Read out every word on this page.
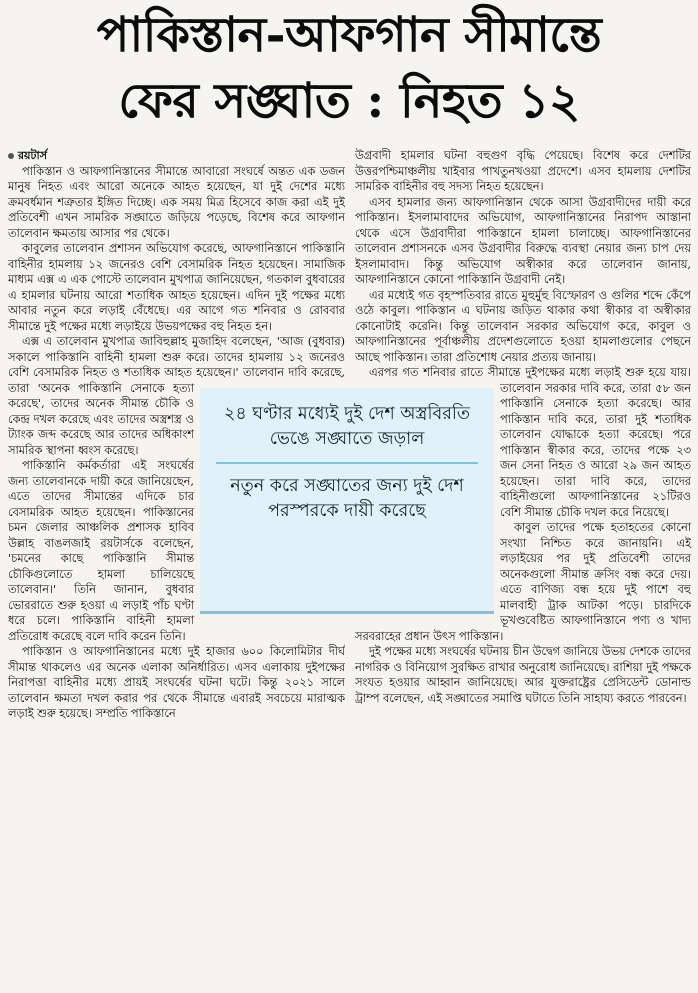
পাকিস্তান-আফগান সীমান্তে
ফের সঙ্ঘাত : নিহত ১২
রয়টার্স

পাকিস্তান ও আফগানিস্তানের সীমান্তে আবারো সংঘর্ষে অন্তত এক ডজন মানুষ নিহত এবং আরো অনেকে আহত হয়েছেন, যা দুই দেশের মধ্যে ক্রমবর্ধমান শত্রুতার ইঙ্গিত দিচ্ছে। এক সময় মিত্র হিসেবে কাজ করা এই দুই প্রতিবেশী এখন সামরিক সঙ্ঘাতে জড়িয়ে পড়েছে, বিশেষ করে আফগান তালেবান ক্ষমতায় আসার পর থেকে।

কাবুলের তালেবান প্রশাসন অভিযোগ করেছে, আফগানিস্তানে পাকিস্তানি বাহিনীর হামলায় ১২ জনেরও বেশি বেসামরিক নিহত হয়েছেন। সামাজিক মাধ্যম এক্স এ এক পোস্টে তালেবান মুখপাত্র জানিয়েছেন, গতকাল বুধবারের এ হামলার ঘটনায় আরো শতাধিক আহত হয়েছেন। এদিন দুই পক্ষের মধ্যে আবার নতুন করে লড়াই বেঁধেছে। এর আগে গত শনিবার ও রোববার সীমান্তে দুই পক্ষের মধ্যে লড়াইয়ে উভয়পক্ষের বহু নিহত হন।

এক্স এ তালেবান মুখপাত্র জাবিহুল্লাহ মুজাহিদ বলেছেন, 'আজ (বুধবার) সকালে পাকিস্তানি বাহিনী হামলা শুরু করে। তাদের হামলায় ১২ জনেরও বেশি বেসামরিক নিহত ও শতাধিক আহত হয়েছেন।' তালেবান দাবি করেছে, তারা 'অনেক পাকিস্তানি সেনাকে হত্যা করেছে', তাদের অনেক সীমান্ত চৌকি ও কেন্দ্র দখল করেছে এবং তাদের অস্ত্রশস্ত্র ও ট্যাংক জব্দ করেছে আর তাদের অধিকাংশ সামরিক স্থাপনা ধ্বংস করেছে।

পাকিস্তানি কর্মকর্তারা এই সংঘর্ষের জন্য তালেবানকে দায়ী করে জানিয়েছেন, এতে তাদের সীমান্তের এদিকে চার বেসামরিক আহত হয়েছেন। পাকিস্তানের চমন জেলার আঞ্চলিক প্রশাসক হাবিব উল্লাহ বাঙলজাই রয়টার্সকে বলেছেন, 'চমনের কাছে পাকিস্তানি সীমান্ত চৌকিগুলোতে হামলা চালিয়েছে তালেবান।' তিনি জানান, বুধবার ভোররাতে শুরু হওয়া এ লড়াই পাঁচ ঘণ্টা ধরে চলে। পাকিস্তানি বাহিনী হামলা প্রতিরোধ করেছে বলে দাবি করেন তিনি।

পাকিস্তান ও আফগানিস্তানের মধ্যে দুই হাজার ৬০০ কিলোমিটার দীর্ঘ সীমান্ত থাকলেও এর অনেক এলাকা অনির্ধারিত। এসব এলাকায় দুইপক্ষের নিরাপত্তা বাহিনীর মধ্যে প্রায়ই সংঘর্ষের ঘটনা ঘটে। কিন্তু ২০২১ সালে তালেবান ক্ষমতা দখল করার পর থেকে সীমান্তে এবারই সবচেয়ে মারাত্মক লড়াই শুরু হয়েছে। সম্প্রতি পাকিস্তানে

উগ্রবাদী হামলার ঘটনা বহুগুণ বৃদ্ধি পেয়েছে। বিশেষ করে দেশটির উত্তরপশ্চিমাঞ্চলীয় খাইবার পাখতুনখওয়া প্রদেশে। এসব হামলায় দেশটির সামরিক বাহিনীর বহু সদস্য নিহত হয়েছেন।

এসব হামলার জন্য আফগানিস্তান থেকে আসা উগ্রবাদীদের দায়ী করে পাকিস্তান। ইসলামাবাদের অভিযোগ, আফগানিস্তানের নিরাপদ আস্তানা থেকে এসে উগ্রবাদীরা পাকিস্তানে হামলা চালাচ্ছে। আফগানিস্তানের তালেবান প্রশাসনকে এসব উগ্রবাদীর বিরুদ্ধে ব্যবস্থা নেয়ার জন্য চাপ দেয় ইসলামাবাদ। কিন্তু অভিযোগ অস্বীকার করে তালেবান জানায়, আফগানিস্তানে কোনো পাকিস্তানি উগ্রবাদী নেই।

এর মধ্যেই গত বৃহস্পতিবার রাতে মুহুর্মুহু বিস্ফোরণ ও গুলির শব্দে কেঁপে ওঠে কাবুল। পাকিস্তান এ ঘটনায় জড়িত থাকার কথা স্বীকার বা অস্বীকার কোনোটাই করেনি। কিন্তু তালেবান সরকার অভিযোগ করে, কাবুল ও আফগানিস্তানের পূর্বাঞ্চলীয় প্রদেশগুলোতে হওয়া হামলাগুলোর পেছনে আছে পাকিস্তান। তারা প্রতিশোধ নেয়ার প্রত্যয় জানায়।

এরপর গত শনিবার রাতে সীমান্তে দুইপক্ষের মধ্যে লড়াই শুরু হয়ে যায়। তালেবান সরকার দাবি করে, তারা ৫৮ জন পাকিস্তানি সেনাকে হত্যা করেছে। আর পাকিস্তান দাবি করে, তারা দুই শতাধিক তালেবান যোদ্ধাকে হত্যা করেছে। পরে পাকিস্তান স্বীকার করে, তাদের পক্ষে ২৩ জন সেনা নিহত ও আরো ২৯ জন আহত হয়েছেন। তারা দাবি করে, তাদের বাহিনীগুলো আফগানিস্তানের ২১টিরও বেশি সীমান্ত চৌকি দখল করে নিয়েছে।

কাবুল তাদের পক্ষে হতাহতের কোনো সংখ্যা নিশ্চিত করে জানায়নি। এই লড়াইয়ের পর দুই প্রতিবেশী তাদের অনেকগুলো সীমান্ত ক্রসিং বন্ধ করে দেয়। এতে বাণিজ্য বন্ধ হয়ে দুই পাশে বহু মালবাহী ট্রাক আটকা পড়ে। চারদিকে ভূখণ্ডবেষ্টিত আফগানিস্তানে পণ্য ও খাদ্য সরবরাহের প্রধান উৎস পাকিস্তান।

দুই পক্ষের মধ্যে সংঘর্ষের ঘটনায় চীন উদ্বেগ জানিয়ে উভয় দেশকে তাদের নাগরিক ও বিনিয়োগ সুরক্ষিত রাখার অনুরোধ জানিয়েছে। রাশিয়া দুই পক্ষকে সংযত হওয়ার আহ্বান জানিয়েছে। আর যুক্তরাষ্ট্রের প্রেসিডেন্ট ডোনাল্ড ট্রাম্প বলেছেন, এই সঙ্ঘাতের সমাপ্তি ঘটাতে তিনি সাহায্য করতে পারবেন।

২৪ ঘণ্টার মধ্যেই দুই দেশ অস্ত্রবিরতি ভেঙে সঙ্ঘাতে জড়াল
নতুন করে সঙ্ঘাতের জন্য দুই দেশ পরস্পরকে দায়ী করেছে
